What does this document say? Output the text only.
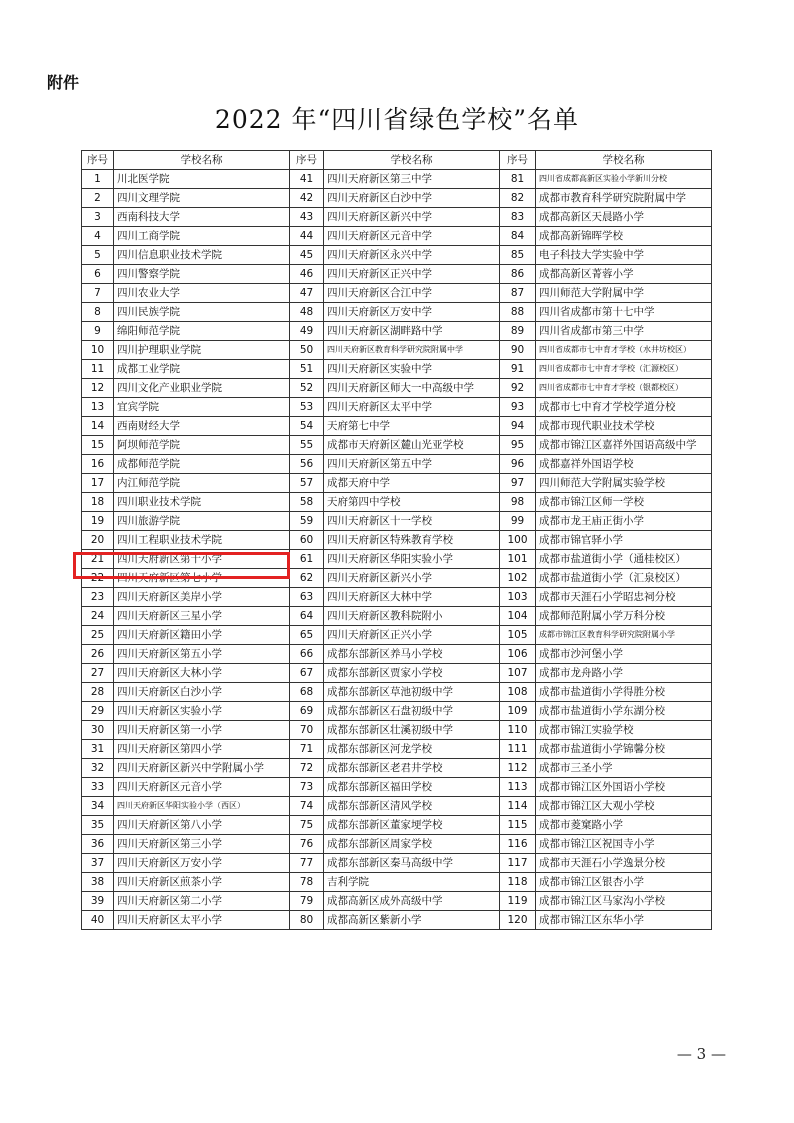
附件
2022 年“四川省绿色学校”名单
序号	学校名称	序号	学校名称	序号	学校名称
1	川北医学院	41	四川天府新区第三中学	81	四川省成都高新区实验小学新川分校
2	四川文理学院	42	四川天府新区白沙中学	82	成都市教育科学研究院附属中学
3	西南科技大学	43	四川天府新区新兴中学	83	成都高新区天晨路小学
4	四川工商学院	44	四川天府新区元音中学	84	成都高新锦晖学校
5	四川信息职业技术学院	45	四川天府新区永兴中学	85	电子科技大学实验中学
6	四川警察学院	46	四川天府新区正兴中学	86	成都高新区菁蓉小学
7	四川农业大学	47	四川天府新区合江中学	87	四川师范大学附属中学
8	四川民族学院	48	四川天府新区万安中学	88	四川省成都市第十七中学
9	绵阳师范学院	49	四川天府新区湖畔路中学	89	四川省成都市第三中学
10	四川护理职业学院	50	四川天府新区教育科学研究院附属中学	90	四川省成都市七中育才学校（水井坊校区）
11	成都工业学院	51	四川天府新区实验中学	91	四川省成都市七中育才学校（汇源校区）
12	四川文化产业职业学院	52	四川天府新区师大一中高级中学	92	四川省成都市七中育才学校（银都校区）
13	宜宾学院	53	四川天府新区太平中学	93	成都市七中育才学校学道分校
14	西南财经大学	54	天府第七中学	94	成都市现代职业技术学校
15	阿坝师范学院	55	成都市天府新区麓山光亚学校	95	成都市锦江区嘉祥外国语高级中学
16	成都师范学院	56	四川天府新区第五中学	96	成都嘉祥外国语学校
17	内江师范学院	57	成都天府中学	97	四川师范大学附属实验学校
18	四川职业技术学院	58	天府第四中学校	98	成都市锦江区师一学校
19	四川旅游学院	59	四川天府新区十一学校	99	成都市龙王庙正街小学
20	四川工程职业技术学院	60	四川天府新区特殊教育学校	100	成都市锦官驿小学
21	四川天府新区第十小学	61	四川天府新区华阳实验小学	101	成都市盐道街小学（通桂校区）
22	四川天府新区第七小学	62	四川天府新区新兴小学	102	成都市盐道街小学（汇泉校区）
23	四川天府新区美岸小学	63	四川天府新区大林中学	103	成都市天涯石小学昭忠祠分校
24	四川天府新区三星小学	64	四川天府新区教科院附小	104	成都师范附属小学万科分校
25	四川天府新区籍田小学	65	四川天府新区正兴小学	105	成都市锦江区教育科学研究院附属小学
26	四川天府新区第五小学	66	成都东部新区养马小学校	106	成都市沙河堡小学
27	四川天府新区大林小学	67	成都东部新区贾家小学校	107	成都市龙舟路小学
28	四川天府新区白沙小学	68	成都东部新区草池初级中学	108	成都市盐道街小学得胜分校
29	四川天府新区实验小学	69	成都东部新区石盘初级中学	109	成都市盐道街小学东湖分校
30	四川天府新区第一小学	70	成都东部新区壮溪初级中学	110	成都市锦江实验学校
31	四川天府新区第四小学	71	成都东部新区河龙学校	111	成都市盐道街小学锦馨分校
32	四川天府新区新兴中学附属小学	72	成都东部新区老君井学校	112	成都市三圣小学
33	四川天府新区元音小学	73	成都东部新区福田学校	113	成都市锦江区外国语小学校
34	四川天府新区华阳实验小学（西区）	74	成都东部新区清风学校	114	成都市锦江区大观小学校
35	四川天府新区第八小学	75	成都东部新区董家埂学校	115	成都市菱窠路小学
36	四川天府新区第三小学	76	成都东部新区周家学校	116	成都市锦江区祝国寺小学
37	四川天府新区万安小学	77	成都东部新区秦马高级中学	117	成都市天涯石小学逸景分校
38	四川天府新区煎茶小学	78	吉利学院	118	成都市锦江区银杏小学
39	四川天府新区第二小学	79	成都高新区成外高级中学	119	成都市锦江区马家沟小学校
40	四川天府新区太平小学	80	成都高新区紫新小学	120	成都市锦江区东华小学
— 3 —
